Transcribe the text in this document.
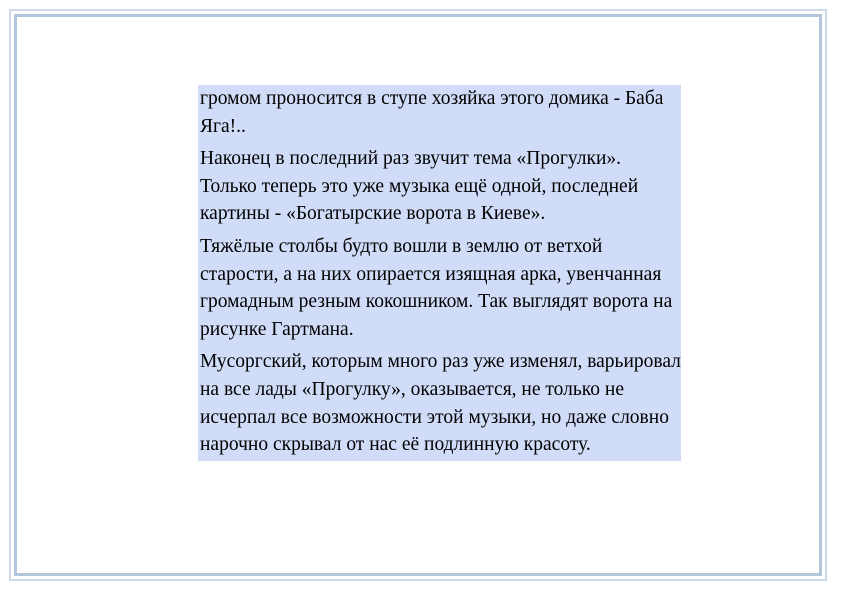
громом проносится в ступе хозяйка этого домика - Баба Яга!..

Наконец в последний раз звучит тема «Прогулки». Только теперь это уже музыка ещё одной, последней картины - «Богатырские ворота в Киеве».

Тяжёлые столбы будто вошли в землю от ветхой старости, а на них опирается изящная арка, увенчанная громадным резным кокошником. Так выглядят ворота на рисунке Гартмана.

Мусоргский, которым много раз уже изменял, варьировал на все лады «Прогулку», оказывается, не только не исчерпал все возможности этой музыки, но даже словно нарочно скрывал от нас её подлинную красоту.
